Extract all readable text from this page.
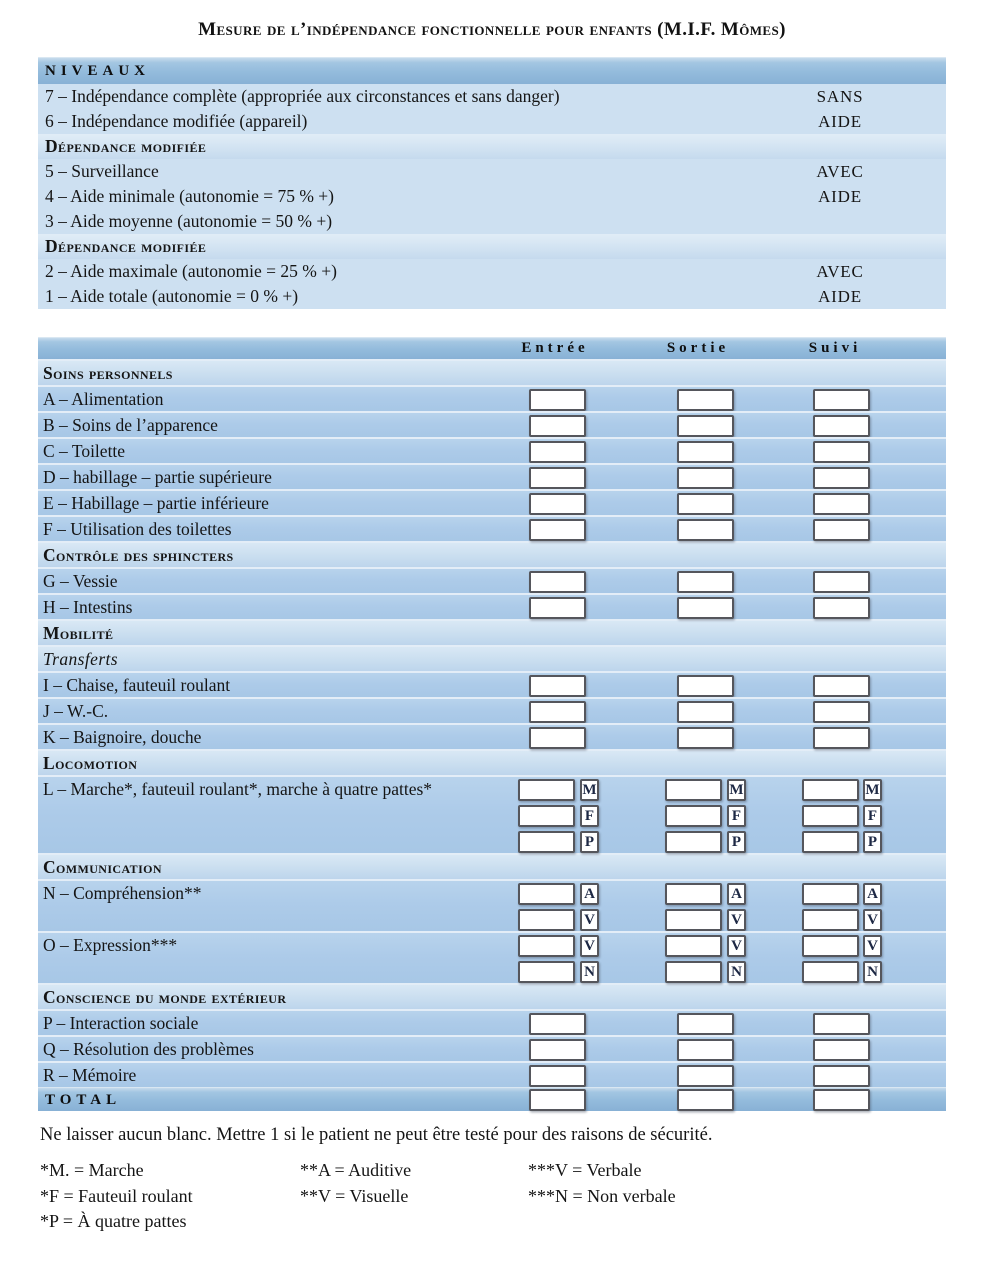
Mesure de l’indépendance fonctionnelle pour enfants (M.I.F. Mômes)
NIVEAUX
7 – Indépendance complète (appropriée aux circonstances et sans danger)	SANS
6 – Indépendance modifiée (appareil)	AIDE
Dépendance modifiée
5 – Surveillance	AVEC
4 – Aide minimale (autonomie = 75 % +)	AIDE
3 – Aide moyenne (autonomie = 50 % +)
Dépendance modifiée
2 – Aide maximale (autonomie = 25 % +)	AVEC
1 – Aide totale (autonomie = 0 % +)	AIDE
Entrée	Sortie	Suivi
Soins personnels
A – Alimentation
B – Soins de l’apparence
C – Toilette
D – habillage – partie supérieure
E – Habillage – partie inférieure
F – Utilisation des toilettes
Contrôle des sphincters
G – Vessie
H – Intestins
Mobilité
Transferts
I – Chaise, fauteuil roulant
J – W.-C.
K – Baignoire, douche
Locomotion
L – Marche*, fauteuil roulant*, marche à quatre pattes*	M	M	M
F	F	F
P	P	P
Communication
N – Compréhension**	A	A	A
V	V	V
O – Expression***	V	V	V
N	N	N
Conscience du monde extérieur
P – Interaction sociale
Q – Résolution des problèmes
R – Mémoire
TOTAL
Ne laisser aucun blanc. Mettre 1 si le patient ne peut être testé pour des raisons de sécurité.
*M. = Marche
*F = Fauteuil roulant
*P = À quatre pattes
**A = Auditive
**V = Visuelle
***V = Verbale
***N = Non verbale
